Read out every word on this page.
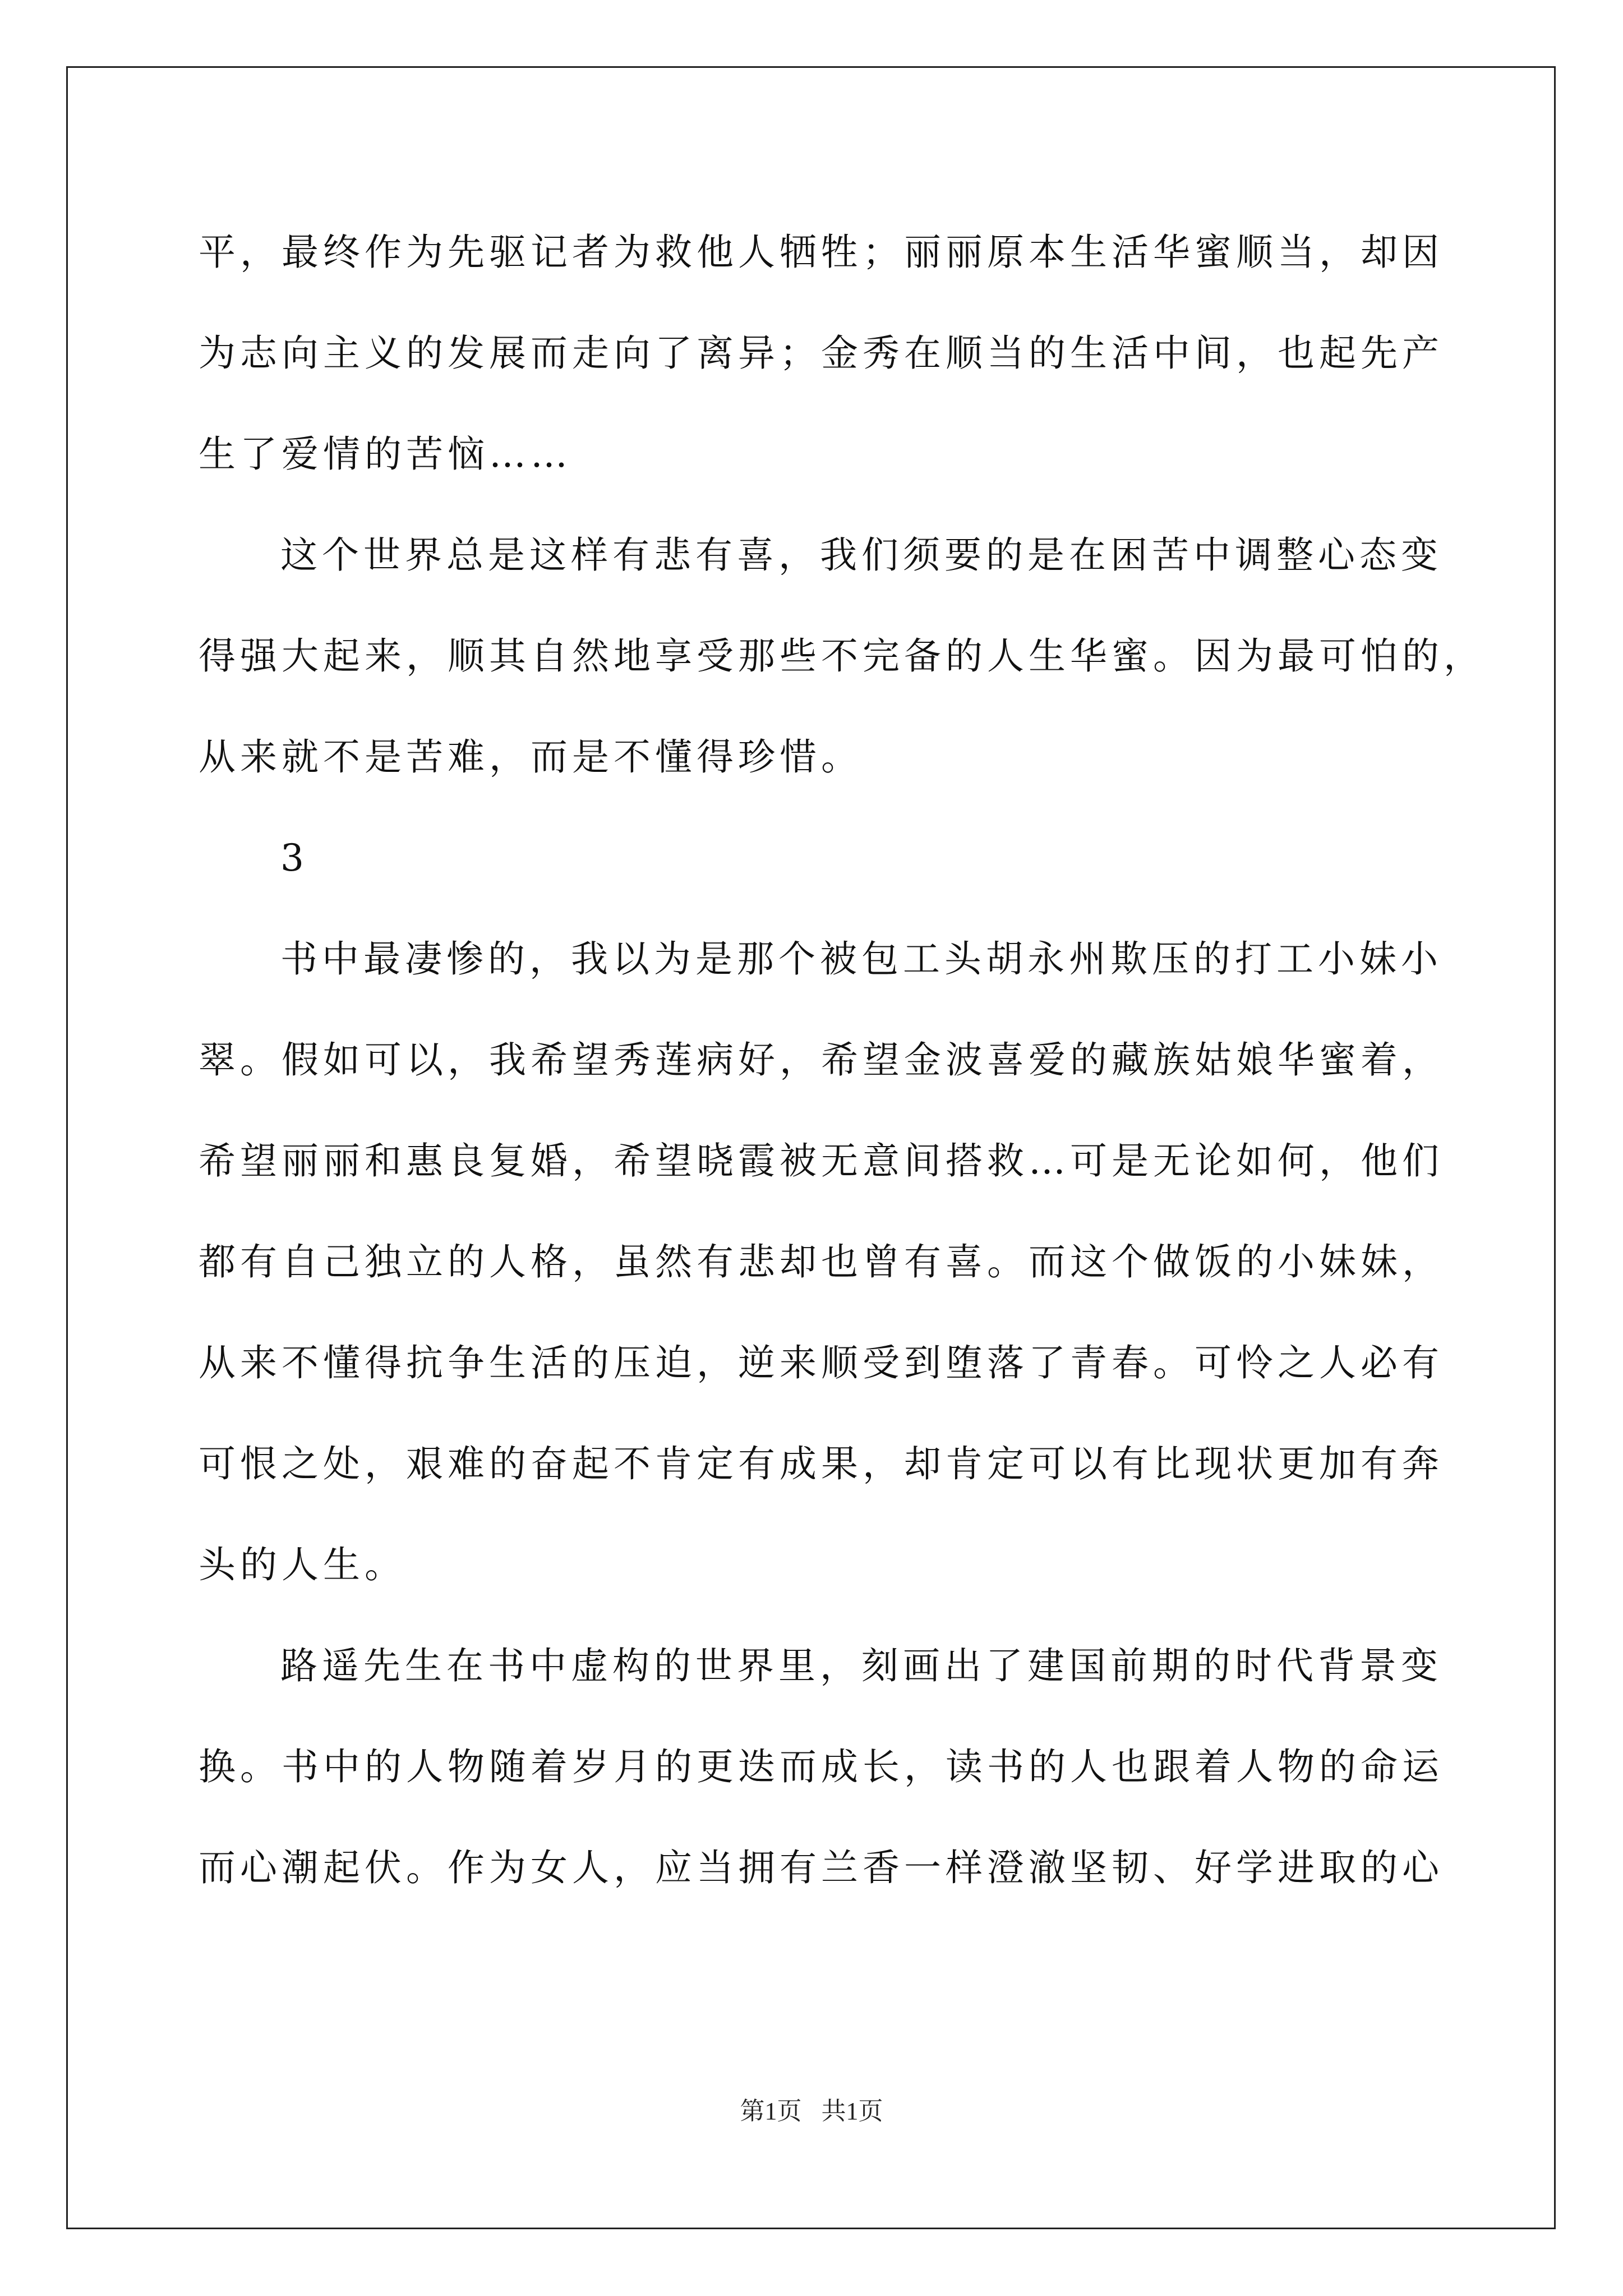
平，最终作为先驱记者为救他人牺牲；丽丽原本生活华蜜顺当，却因
为志向主义的发展而走向了离异；金秀在顺当的生活中间，也起先产
生了爱情的苦恼……
这个世界总是这样有悲有喜，我们须要的是在困苦中调整心态变
得强大起来，顺其自然地享受那些不完备的人生华蜜。因为最可怕的，
从来就不是苦难，而是不懂得珍惜。
3
书中最凄惨的，我以为是那个被包工头胡永州欺压的打工小妹小
翠。假如可以，我希望秀莲病好，希望金波喜爱的藏族姑娘华蜜着，
希望丽丽和惠良复婚，希望晓霞被无意间搭救…可是无论如何，他们
都有自己独立的人格，虽然有悲却也曾有喜。而这个做饭的小妹妹，
从来不懂得抗争生活的压迫，逆来顺受到堕落了青春。可怜之人必有
可恨之处，艰难的奋起不肯定有成果，却肯定可以有比现状更加有奔
头的人生。
路遥先生在书中虚构的世界里，刻画出了建国前期的时代背景变
换。书中的人物随着岁月的更迭而成长，读书的人也跟着人物的命运
而心潮起伏。作为女人，应当拥有兰香一样澄澈坚韧、好学进取的心
第1页 共1页
